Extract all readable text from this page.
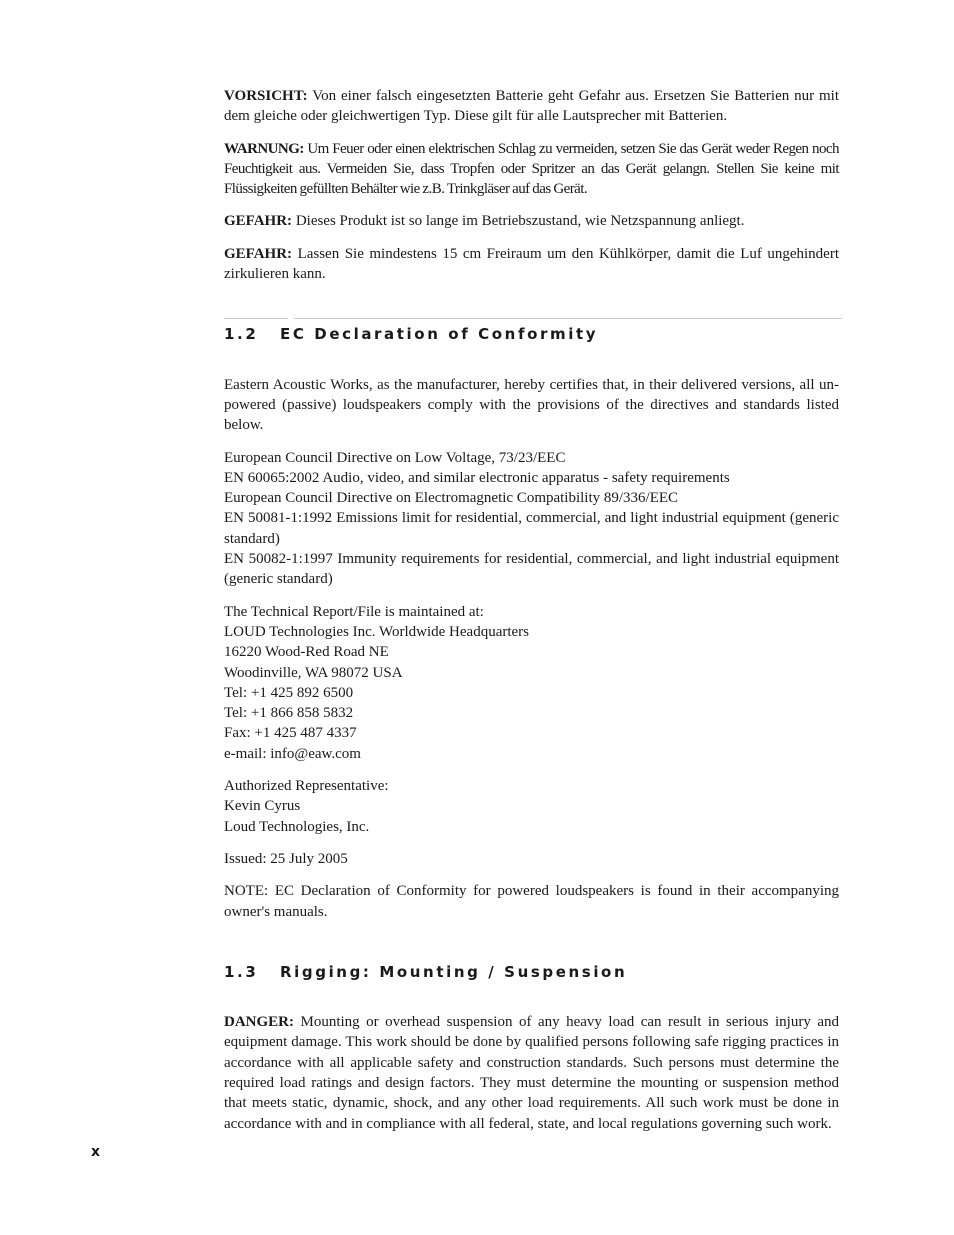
VORSICHT: Von einer falsch eingesetzten Batterie geht Gefahr aus. Ersetzen Sie Batterien nur mit dem gleiche oder gleichwertigen Typ. Diese gilt für alle Lautsprecher mit Batterien.

WARNUNG: Um Feuer oder einen elektrischen Schlag zu vermeiden, setzen Sie das Gerät weder Regen noch Feuchtigkeit aus. Vermeiden Sie, dass Tropfen oder Spritzer an das Gerät gelangn. Stellen Sie keine mit Flüssigkeiten gefüllten Behälter wie z.B. Trinkgläser auf das Gerät.

GEFAHR: Dieses Produkt ist so lange im Betriebszustand, wie Netzspannung anliegt.

GEFAHR: Lassen Sie mindestens 15 cm Freiraum um den Kühlkörper, damit die Luf ungehindert zirkulieren kann.

1.2 EC Declaration of Conformity

Eastern Acoustic Works, as the manufacturer, hereby certifies that, in their delivered versions, all un-powered (passive) loudspeakers comply with the provisions of the directives and standards listed below.

European Council Directive on Low Voltage, 73/23/EEC
EN 60065:2002 Audio, video, and similar electronic apparatus - safety requirements
European Council Directive on Electromagnetic Compatibility 89/336/EEC
EN 50081-1:1992 Emissions limit for residential, commercial, and light industrial equipment (generic standard)
EN 50082-1:1997 Immunity requirements for residential, commercial, and light industrial equipment (generic standard)
The Technical Report/File is maintained at:
LOUD Technologies Inc. Worldwide Headquarters
16220 Wood-Red Road NE
Woodinville, WA 98072 USA
Tel: +1 425 892 6500
Tel: +1 866 858 5832
Fax: +1 425 487 4337
e-mail: info@eaw.com
Authorized Representative:
Kevin Cyrus
Loud Technologies, Inc.

Issued: 25 July 2005

NOTE: EC Declaration of Conformity for powered loudspeakers is found in their accompanying owner's manuals.

1.3 Rigging: Mounting / Suspension

DANGER: Mounting or overhead suspension of any heavy load can result in serious injury and equipment damage. This work should be done by qualified persons following safe rigging practices in accordance with all applicable safety and construction standards. Such persons must determine the required load ratings and design factors. They must determine the mounting or suspension method that meets static, dynamic, shock, and any other load requirements. All such work must be done in accordance with and in compliance with all federal, state, and local regulations governing such work.

x
